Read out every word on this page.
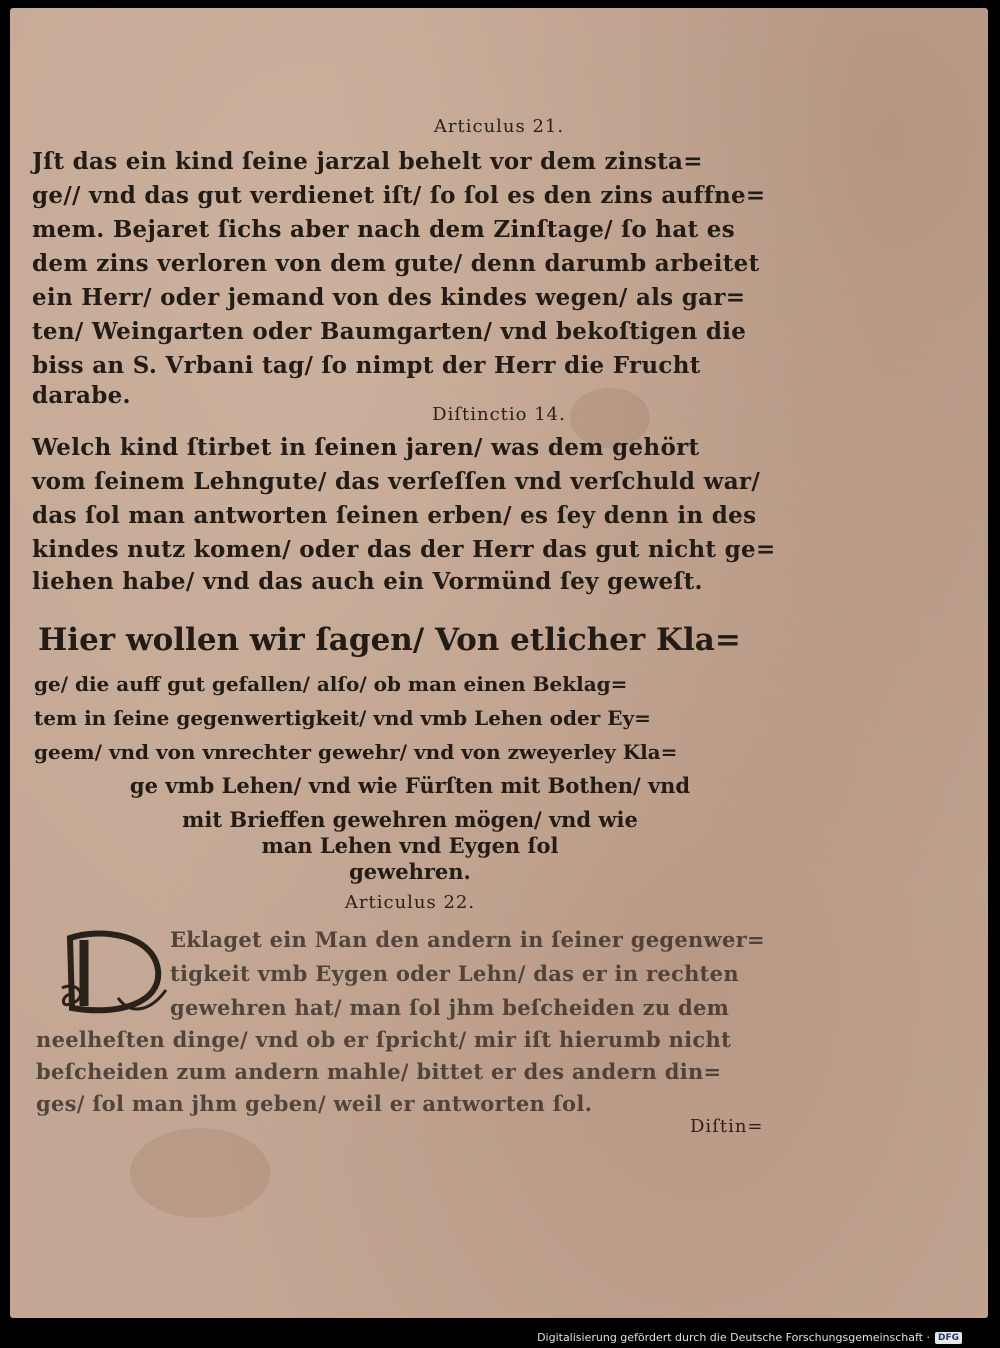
Articulus 21.
Jſt das ein kind ſeine jarzal behelt vor dem zinsta=
ge// vnd das gut verdienet iſt/ ſo ſol es den zins auffne=
mem. Bejaret ſichs aber nach dem Zinſtage/ ſo hat es
dem zins verloren von dem gute/ denn darumb arbeitet
ein Herr/ oder jemand von des kindes wegen/ als gar=
ten/ Weingarten oder Baumgarten/ vnd bekoſtigen die
biss an S. Vrbani tag/ ſo nimpt der Herr die Frucht
darabe.
Diſtinctio 14.
Welch kind ſtirbet in ſeinen jaren/ was dem gehört
vom ſeinem Lehngute/ das verſeſſen vnd verſchuld war/
das ſol man antworten ſeinen erben/ es ſey denn in des
kindes nutz komen/ oder das der Herr das gut nicht ge=
liehen habe/ vnd das auch ein Vormünd ſey geweſt.
Hier wollen wir ſagen/ Von etlicher Kla=
ge/ die auff gut gefallen/ alſo/ ob man einen Beklag=
tem in ſeine gegenwertigkeit/ vnd vmb Lehen oder Ey=
geem/ vnd von vnrechter gewehr/ vnd von zweyerley Kla=
ge vmb Lehen/ vnd wie Fürſten mit Bothen/ vnd
mit Brieffen gewehren mögen/ vnd wie
man Lehen vnd Eygen ſol
gewehren.
Articulus 22.
Eklaget ein Man den andern in ſeiner gegenwer=
tigkeit vmb Eygen oder Lehn/ das er in rechten
gewehren hat/ man ſol jhm beſcheiden zu dem
neelheſten dinge/ vnd ob er ſpricht/ mir iſt hierumb nicht
beſcheiden zum andern mahle/ bittet er des andern din=
ges/ ſol man jhm geben/ weil er antworten ſol.
Diſtin=
Digitalisierung gefördert durch die Deutsche Forschungsgemeinschaft · DFG
